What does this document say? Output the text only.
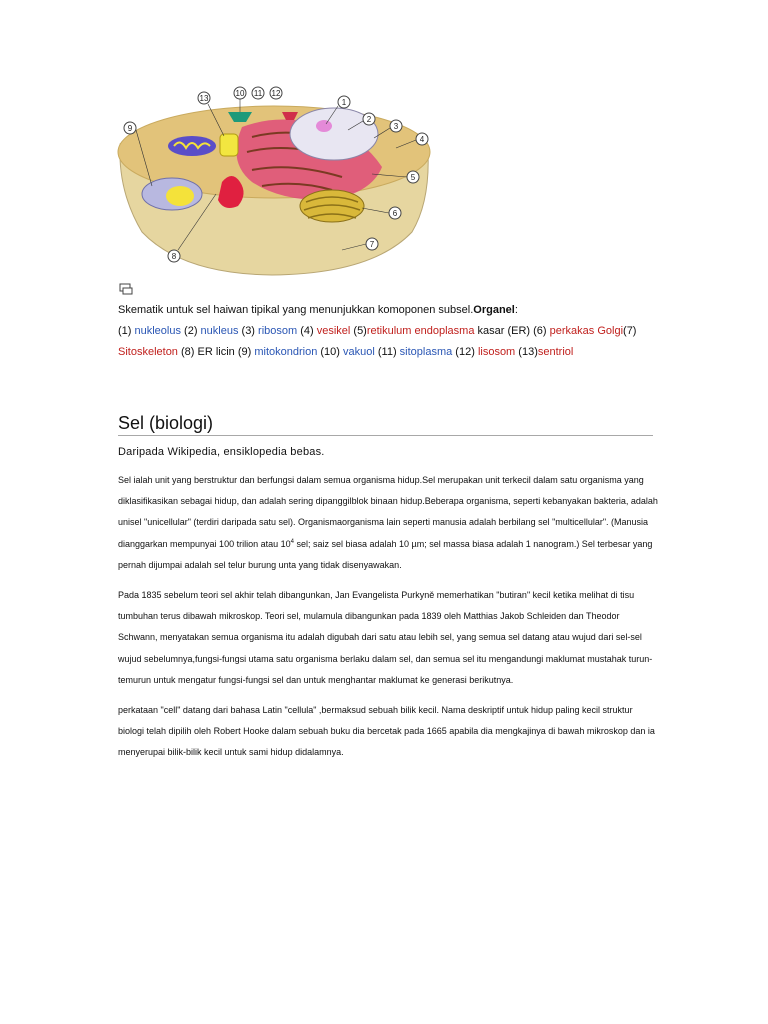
1
2
3
4
5
6
7
8
9
10 11 12
13

Skematik untuk sel haiwan tipikal yang menunjukkan komoponen subsel.Organel:

(1) nukleolus (2) nukleus (3) ribosom (4) vesikel (5)retikulum endoplasma kasar (ER) (6) perkakas Golgi(7) Sitoskeleton (8) ER licin (9) mitokondrion (10) vakuol (11) sitoplasma (12) lisosom (13)sentriol

Sel (biologi)
Daripada Wikipedia, ensiklopedia bebas.

Sel ialah unit yang berstruktur dan berfungsi dalam semua organisma hidup.Sel merupakan unit terkecil dalam satu organisma yang diklasifikasikan sebagai hidup, dan adalah sering dipanggilblok binaan hidup.Beberapa organisma, seperti kebanyakan bakteria, adalah unisel "unicellular" (terdiri daripada satu sel). Organismaorganisma lain seperti manusia adalah berbilang sel "multicellular". (Manusia dianggarkan mempunyai 100 trilion atau $10^4$ sel; saiz sel biasa adalah 10 µm; sel massa biasa adalah 1 nanogram.) Sel terbesar yang pernah dijumpai adalah sel telur burung unta yang tidak disenyawakan.

Pada 1835 sebelum teori sel akhir telah dibangunkan, Jan Evangelista Purkyně memerhatikan "butiran" kecil ketika melihat di tisu tumbuhan terus dibawah mikroskop. Teori sel, mulamula dibangunkan pada 1839 oleh Matthias Jakob Schleiden dan Theodor Schwann, menyatakan semua organisma itu adalah digubah dari satu atau lebih sel, yang semua sel datang atau wujud dari sel-sel wujud sebelumnya,fungsi-fungsi utama satu organisma berlaku dalam sel, dan semua sel itu mengandungi maklumat mustahak turun-temurun untuk mengatur fungsi-fungsi sel dan untuk menghantar maklumat ke generasi berikutnya.

perkataan "cell" datang dari bahasa Latin "cellula" ,bermaksud sebuah bilik kecil. Nama deskriptif untuk hidup paling kecil struktur biologi telah dipilih oleh Robert Hooke dalam sebuah buku dia bercetak pada 1665 apabila dia mengkajinya di bawah mikroskop dan ia menyerupai bilik-bilik kecil untuk sami hidup didalamnya.
